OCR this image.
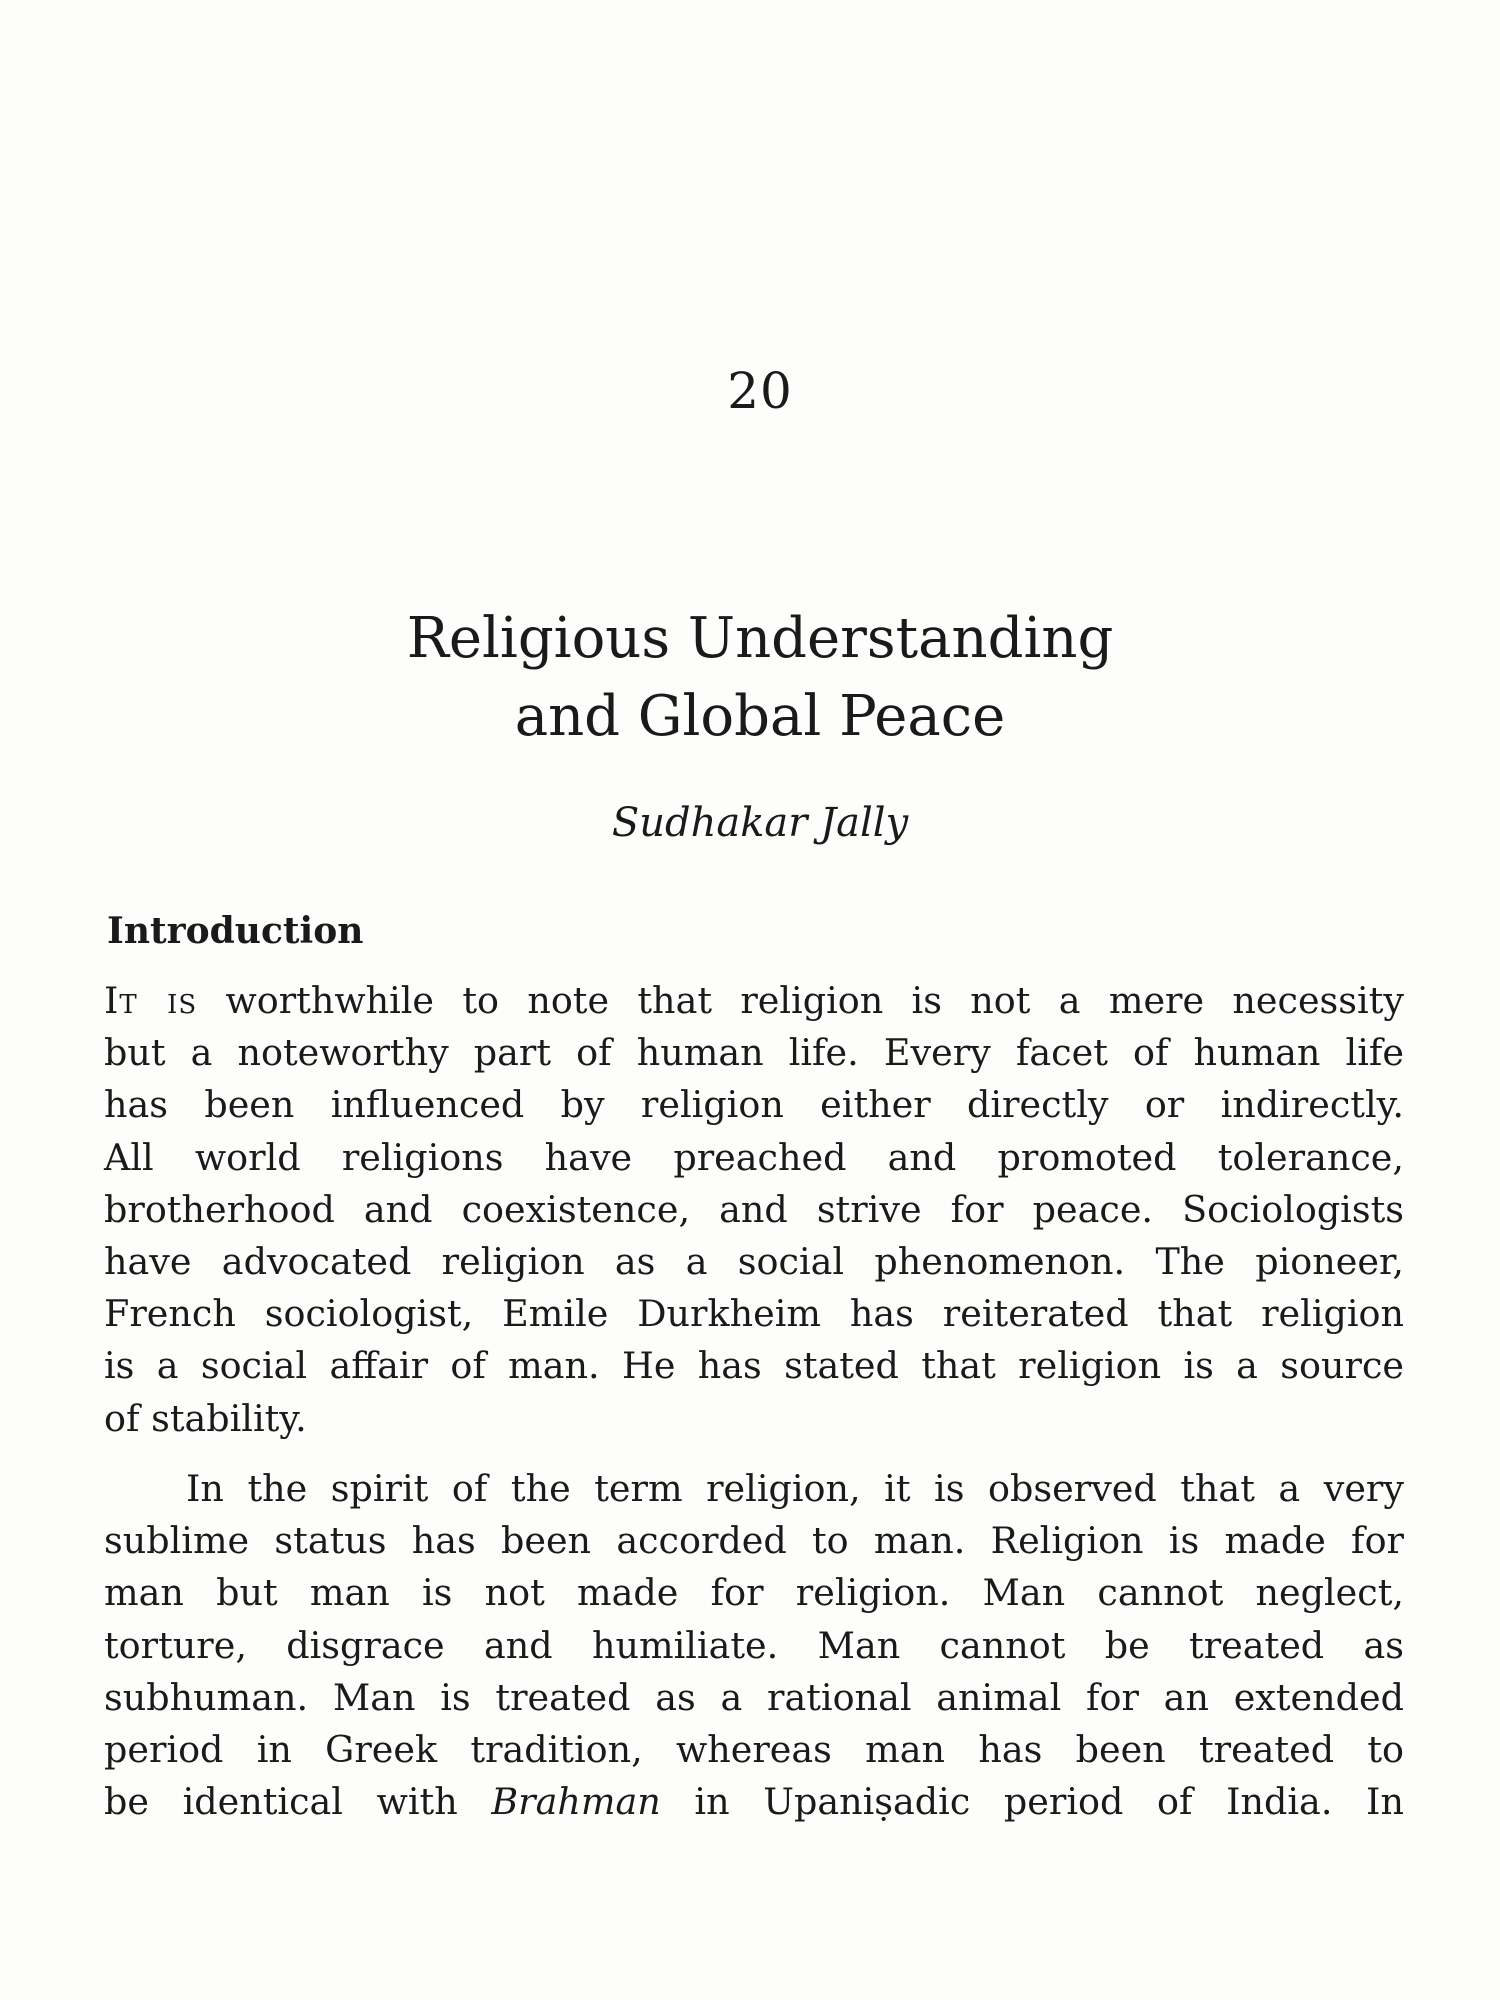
20
Religious Understanding
and Global Peace
Sudhakar Jally
Introduction
It is worthwhile to note that religion is not a mere necessity
but a noteworthy part of human life. Every facet of human life
has been influenced by religion either directly or indirectly.
All world religions have preached and promoted tolerance,
brotherhood and coexistence, and strive for peace. Sociologists
have advocated religion as a social phenomenon. The pioneer,
French sociologist, Emile Durkheim has reiterated that religion
is a social affair of man. He has stated that religion is a source
of stability.
In the spirit of the term religion, it is observed that a very
sublime status has been accorded to man. Religion is made for
man but man is not made for religion. Man cannot neglect,
torture, disgrace and humiliate. Man cannot be treated as
subhuman. Man is treated as a rational animal for an extended
period in Greek tradition, whereas man has been treated to
be identical with Brahman in Upaniṣadic period of India. In
